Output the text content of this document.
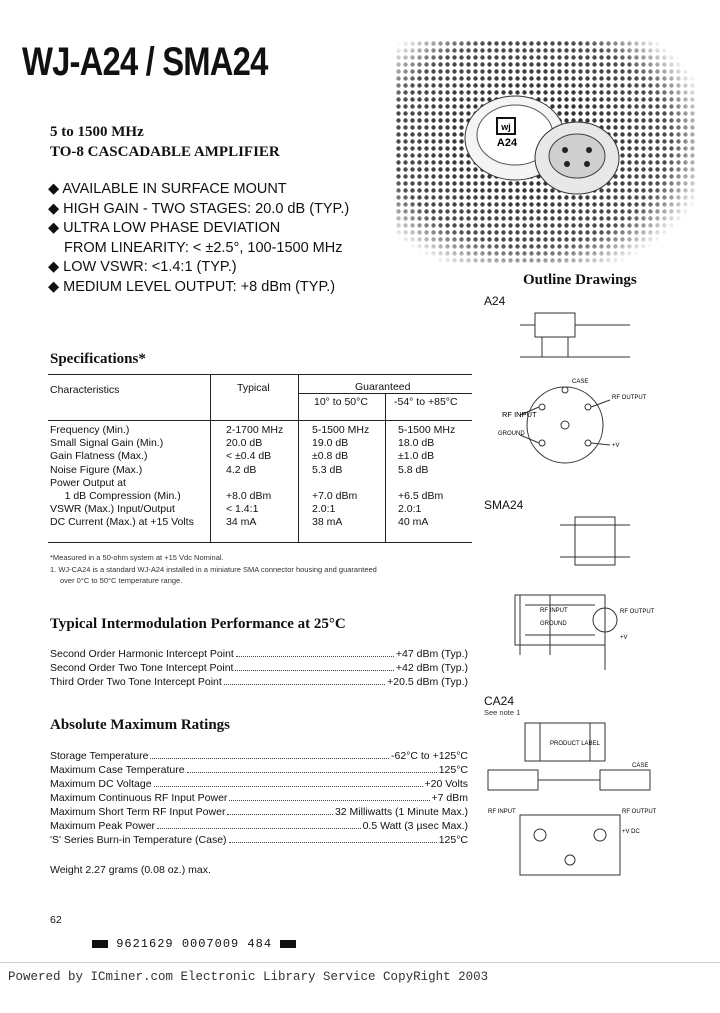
WJ-A24 / SMA24
5 to 1500 MHz
TO-8 CASCADABLE AMPLIFIER
wj
A24
◆ AVAILABLE IN SURFACE MOUNT
◆ HIGH GAIN - TWO STAGES: 20.0 dB (TYP.)
◆ ULTRA LOW PHASE DEVIATION
FROM LINEARITY: < ±2.5°, 100-1500 MHz
◆ LOW VSWR: <1.4:1 (TYP.)
◆ MEDIUM LEVEL OUTPUT: +8 dBm (TYP.)	Outline Drawings
A24
SMA24
CA24
See note 1
RF INPUT
GROUND
RF OUTPUT
+V
CASE
RF INPUT
GROUND
RF OUTPUT
+V
PRODUCT LABEL
RF INPUT	RF OUTPUT
+V DC
CASE
Specifications*
Characteristics	Typical	Guaranteed
10° to 50°C -54° to +85°C
Frequency (Min.)	2-1700 MHz	5-1500 MHz	5-1500 MHz
Small Signal Gain (Min.)	20.0 dB	19.0 dB	18.0 dB
Gain Flatness (Max.)	< ±0.4 dB	±0.8 dB	±1.0 dB
Noise Figure (Max.)	4.2 dB	5.3 dB	5.8 dB
Power Output at
1 dB Compression (Min.)	+8.0 dBm	+7.0 dBm	+6.5 dBm
VSWR (Max.) Input/Output	< 1.4:1	2.0:1	2.0:1
DC Current (Max.) at +15 Volts	34 mA	38 mA	40 mA
*Measured in a 50-ohm system at +15 Vdc Nominal.
1. WJ-CA24 is a standard WJ-A24 installed in a miniature SMA connector housing and guaranteed
over 0°C to 50°C temperature range.
Typical Intermodulation Performance at 25°C
Second Order Harmonic Intercept Point	+47 dBm (Typ.)
Second Order Two Tone Intercept Point	+42 dBm (Typ.)
Third Order Two Tone Intercept Point	+20.5 dBm (Typ.)
Absolute Maximum Ratings
Storage Temperature	-62°C to +125°C
Maximum Case Temperature	125°C
Maximum DC Voltage	+20 Volts
Maximum Continuous RF Input Power	+7 dBm
Maximum Short Term RF Input Power	32 Milliwatts (1 Minute Max.)
Maximum Peak Power	0.5 Watt (3 µsec Max.)
'S' Series Burn-in Temperature (Case)	125°C
Weight 2.27 grams (0.08 oz.) max.
62
9621629 0007009 484
Powered by ICminer.com Electronic Library Service CopyRight 2003
